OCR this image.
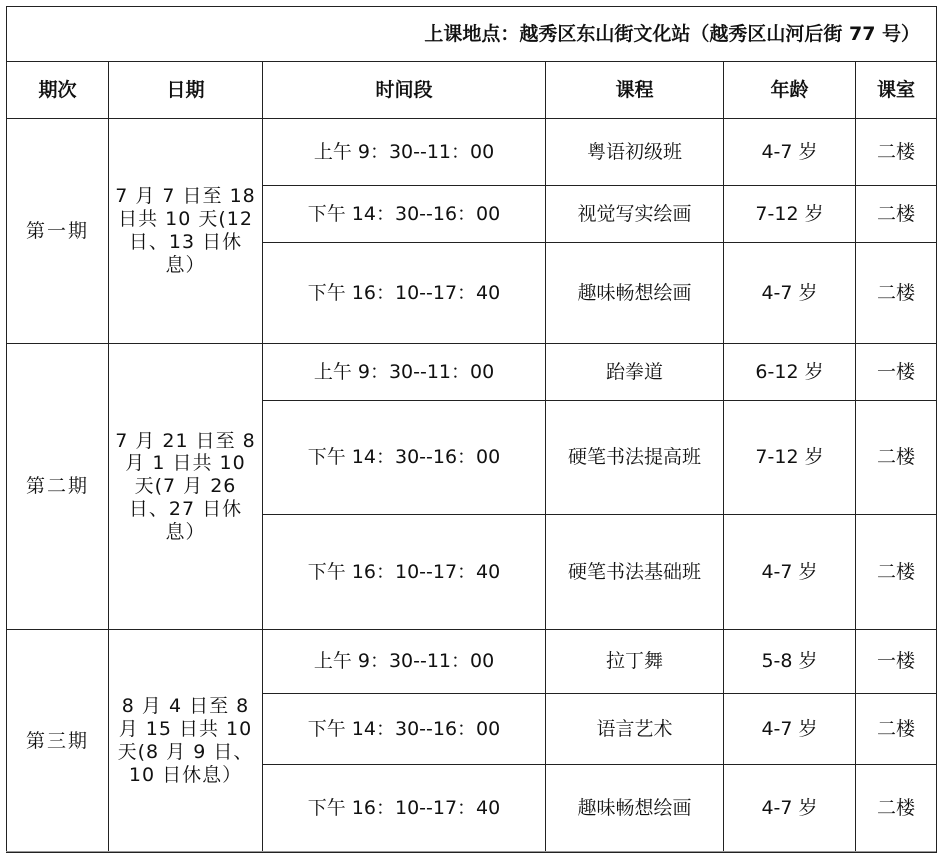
上课地点：越秀区东山街文化站（越秀区山河后街 77 号）					
期次	日期	时间段	课程	年龄	课室
第一期	7 月 7 日至 18 日共 10 天(12 日、13 日休息）	上午 9：30--11：00	粤语初级班	4-7 岁	二楼
		下午 14：30--16：00	视觉写实绘画	7-12 岁	二楼
		下午 16：10--17：40	趣味畅想绘画	4-7 岁	二楼
第二期	7 月 21 日至 8 月 1 日共 10 天(7 月 26 日、27 日休息）	上午 9：30--11：00	跆拳道	6-12 岁	一楼
		下午 14：30--16：00	硬笔书法提高班	7-12 岁	二楼
		下午 16：10--17：40	硬笔书法基础班	4-7 岁	二楼
第三期	8 月 4 日至 8 月 15 日共 10 天(8 月 9 日、10 日休息）	上午 9：30--11：00	拉丁舞	5-8 岁	一楼
		下午 14：30--16：00	语言艺术	4-7 岁	二楼
		下午 16：10--17：40	趣味畅想绘画	4-7 岁	二楼
